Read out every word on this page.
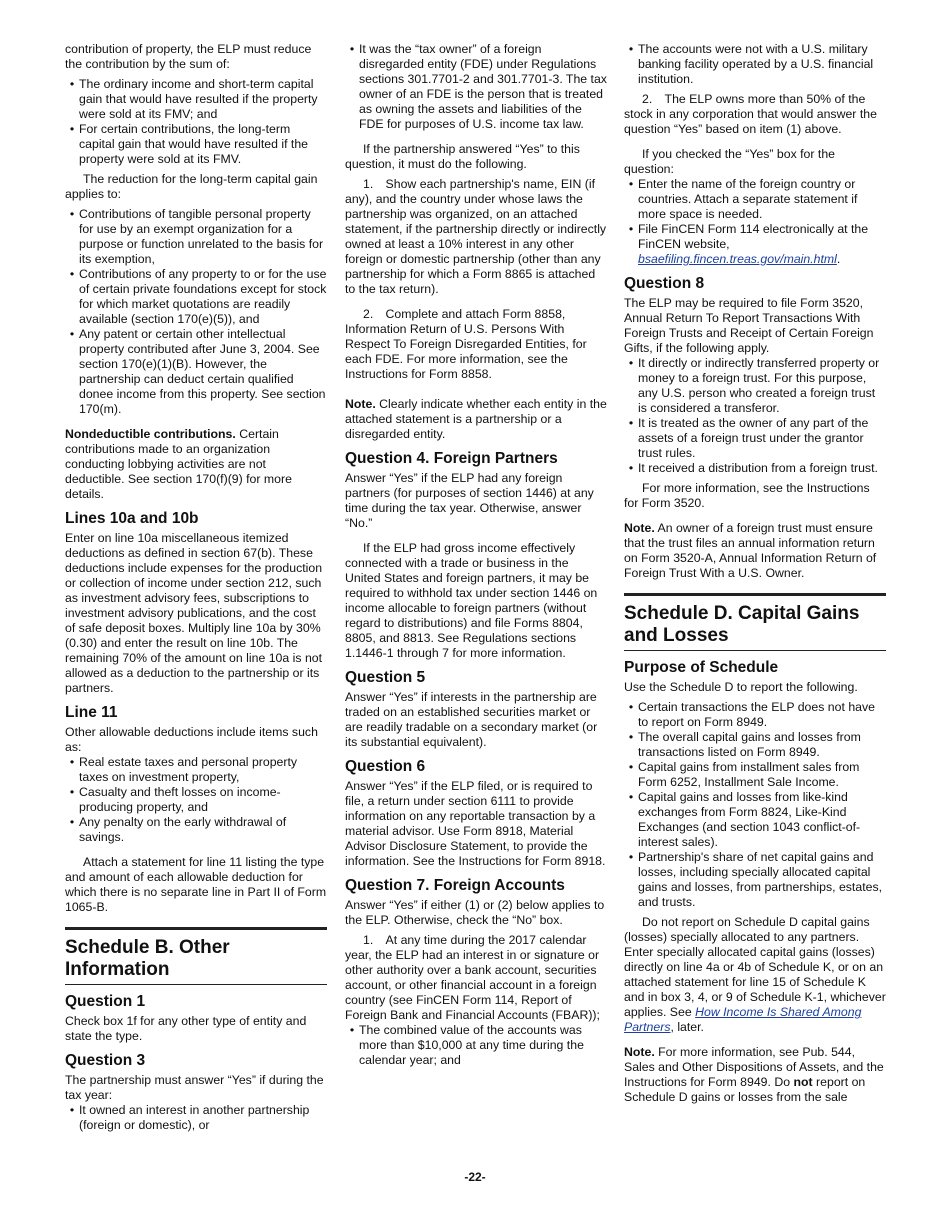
contribution of property, the ELP must reduce the contribution by the sum of:

• The ordinary income and short-term capital gain that would have resulted if the property were sold at its FMV; and

• For certain contributions, the long-term capital gain that would have resulted if the property were sold at its FMV.

The reduction for the long-term capital gain applies to:

• Contributions of tangible personal property for use by an exempt organization for a purpose or function unrelated to the basis for its exemption,

• Contributions of any property to or for the use of certain private foundations except for stock for which market quotations are readily available (section 170(e)(5)), and

• Any patent or certain other intellectual property contributed after June 3, 2004. See section 170(e)(1)(B). However, the partnership can deduct certain qualified donee income from this property. See section 170(m).

Nondeductible contributions. Certain contributions made to an organization conducting lobbying activities are not deductible. See section 170(f)(9) for more details.

Lines 10a and 10b

Enter on line 10a miscellaneous itemized deductions as defined in section 67(b). These deductions include expenses for the production or collection of income under section 212, such as investment advisory fees, subscriptions to investment advisory publications, and the cost of safe deposit boxes. Multiply line 10a by 30% (0.30) and enter the result on line 10b. The remaining 70% of the amount on line 10a is not allowed as a deduction to the partnership or its partners.

Line 11

Other allowable deductions include items such as:

• Real estate taxes and personal property taxes on investment property,

• Casualty and theft losses on income-producing property, and

• Any penalty on the early withdrawal of savings.

Attach a statement for line 11 listing the type and amount of each allowable deduction for which there is no separate line in Part II of Form 1065-B.

Schedule B. Other Information
Question 1

Check box 1f for any other type of entity and state the type.

Question 3

The partnership must answer “Yes” if during the tax year:

• It owned an interest in another partnership (foreign or domestic), or

• It was the “tax owner” of a foreign disregarded entity (FDE) under Regulations sections 301.7701-2 and 301.7701-3. The tax owner of an FDE is the person that is treated as owning the assets and liabilities of the FDE for purposes of U.S. income tax law.

If the partnership answered “Yes” to this question, it must do the following.

1. Show each partnership's name, EIN (if any), and the country under whose laws the partnership was organized, on an attached statement, if the partnership directly or indirectly owned at least a 10% interest in any other foreign or domestic partnership (other than any partnership for which a Form 8865 is attached to the tax return).

2. Complete and attach Form 8858, Information Return of U.S. Persons With Respect To Foreign Disregarded Entities, for each FDE. For more information, see the Instructions for Form 8858.

Note. Clearly indicate whether each entity in the attached statement is a partnership or a disregarded entity.

Question 4. Foreign Partners

Answer “Yes” if the ELP had any foreign partners (for purposes of section 1446) at any time during the tax year. Otherwise, answer “No.”

If the ELP had gross income effectively connected with a trade or business in the United States and foreign partners, it may be required to withhold tax under section 1446 on income allocable to foreign partners (without regard to distributions) and file Forms 8804, 8805, and 8813. See Regulations sections 1.1446-1 through 7 for more information.

Question 5

Answer “Yes” if interests in the partnership are traded on an established securities market or are readily tradable on a secondary market (or its substantial equivalent).

Question 6

Answer “Yes” if the ELP filed, or is required to file, a return under section 6111 to provide information on any reportable transaction by a material advisor. Use Form 8918, Material Advisor Disclosure Statement, to provide the information. See the Instructions for Form 8918.

Question 7. Foreign Accounts

Answer “Yes” if either (1) or (2) below applies to the ELP. Otherwise, check the “No” box.

1. At any time during the 2017 calendar year, the ELP had an interest in or signature or other authority over a bank account, securities account, or other financial account in a foreign country (see FinCEN Form 114, Report of Foreign Bank and Financial Accounts (FBAR));

• The combined value of the accounts was more than $10,000 at any time during the calendar year; and

• The accounts were not with a U.S. military banking facility operated by a U.S. financial institution.

2. The ELP owns more than 50% of the stock in any corporation that would answer the question “Yes” based on item (1) above.

If you checked the “Yes” box for the question:

• Enter the name of the foreign country or countries. Attach a separate statement if more space is needed.

• File FinCEN Form 114 electronically at the FinCEN website, bsaefiling.fincen.treas.gov/main.html.

Question 8

The ELP may be required to file Form 3520, Annual Return To Report Transactions With Foreign Trusts and Receipt of Certain Foreign Gifts, if the following apply.

• It directly or indirectly transferred property or money to a foreign trust. For this purpose, any U.S. person who created a foreign trust is considered a transferor.

• It is treated as the owner of any part of the assets of a foreign trust under the grantor trust rules.

• It received a distribution from a foreign trust.

For more information, see the Instructions for Form 3520.

Note. An owner of a foreign trust must ensure that the trust files an annual information return on Form 3520-A, Annual Information Return of Foreign Trust With a U.S. Owner.

Schedule D. Capital Gains and Losses
Purpose of Schedule

Use the Schedule D to report the following.

• Certain transactions the ELP does not have to report on Form 8949.

• The overall capital gains and losses from transactions listed on Form 8949.

• Capital gains from installment sales from Form 6252, Installment Sale Income.

• Capital gains and losses from like-kind exchanges from Form 8824, Like-Kind Exchanges (and section 1043 conflict-of-interest sales).

• Partnership's share of net capital gains and losses, including specially allocated capital gains and losses, from partnerships, estates, and trusts.

Do not report on Schedule D capital gains (losses) specially allocated to any partners. Enter specially allocated capital gains (losses) directly on line 4a or 4b of Schedule K, or on an attached statement for line 15 of Schedule K and in box 3, 4, or 9 of Schedule K-1, whichever applies. See How Income Is Shared Among Partners, later.

Note. For more information, see Pub. 544, Sales and Other Dispositions of Assets, and the Instructions for Form 8949. Do not report on Schedule D gains or losses from the sale

-22-
